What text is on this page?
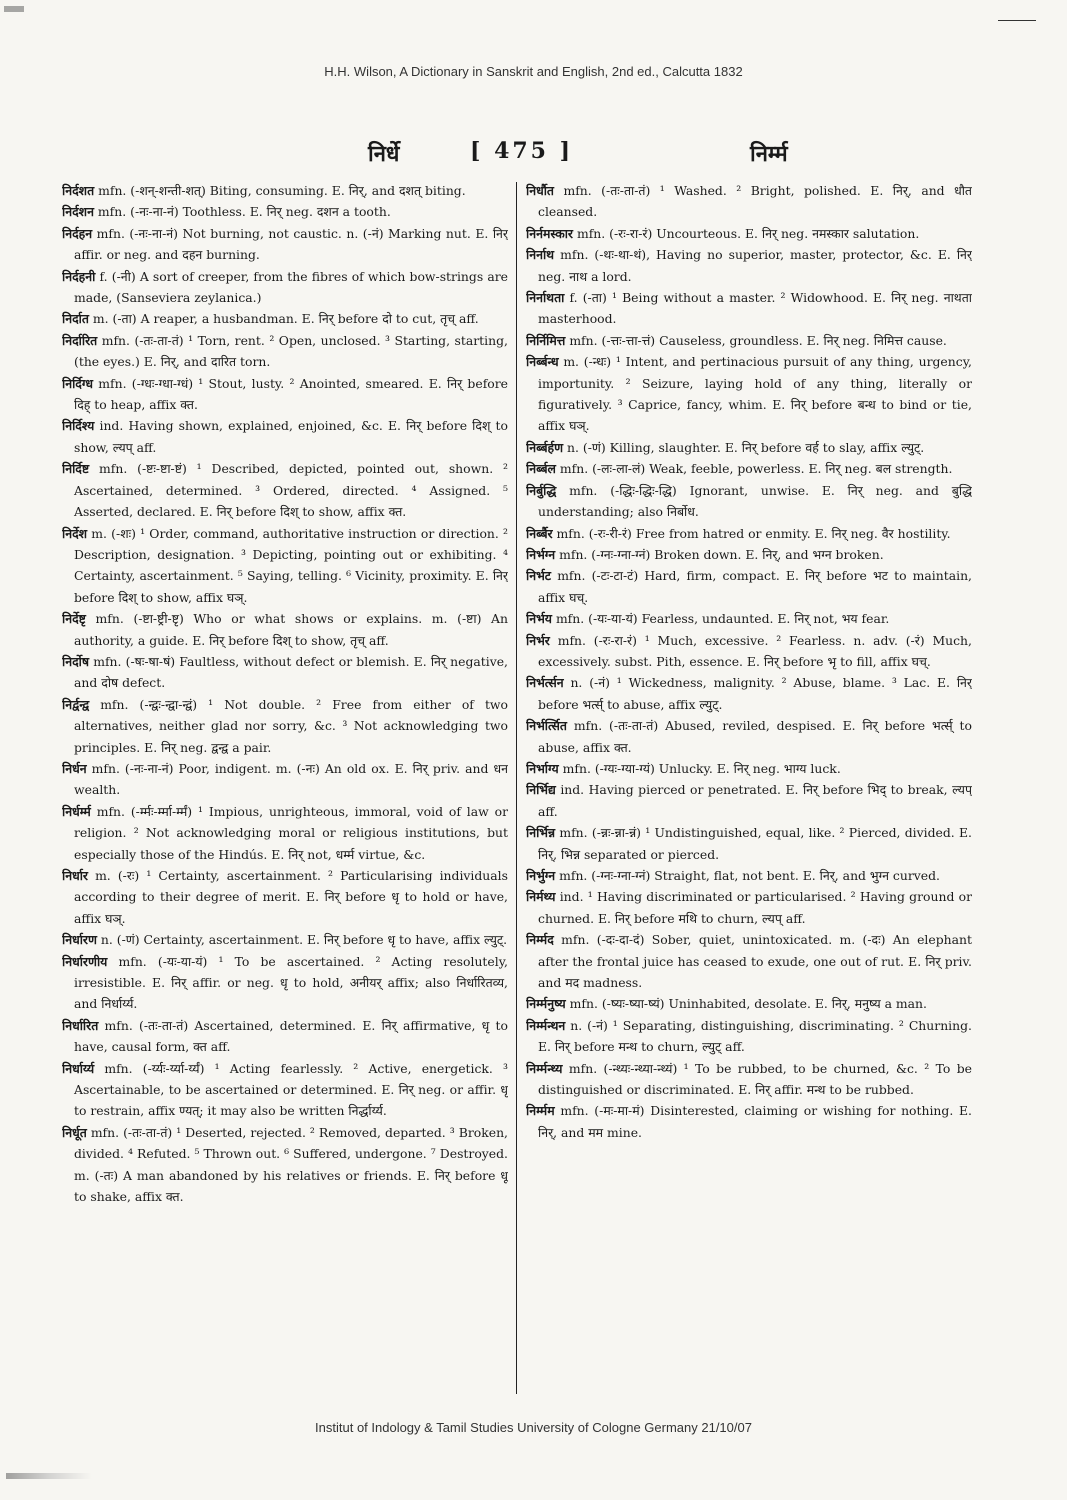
H.H. Wilson, A Dictionary in Sanskrit and English, 2nd ed., Calcutta 1832
निर्धे	[ 475 ]	निर्म्म
निर्दशत mfn. (-शन्-शन्ती-शत्) Biting, consuming. E. निर्, and दशत् biting.
निर्दशन mfn. (-नः-ना-नं) Toothless. E. निर् neg. दशन a tooth.
निर्दहन mfn. (-नः-ना-नं) Not burning, not caustic. n. (-नं) Marking nut. E. निर् affir. or neg. and दहन burning.
निर्दहनी f. (-नी) A sort of creeper, from the fibres of which bow-strings are made, (Sanseviera zeylanica.)
निर्दात m. (-ता) A reaper, a husbandman. E. निर् before दो to cut, तृच् aff.
निर्दारित mfn. (-तः-ता-तं) ¹ Torn, rent. ² Open, unclosed. ³ Starting, starting, (the eyes.) E. निर्, and दारित torn.
निर्दिग्ध mfn. (-ग्धः-ग्धा-ग्धं) ¹ Stout, lusty. ² Anointed, smeared. E. निर् before दिह् to heap, affix क्त.
निर्दिश्य ind. Having shown, explained, enjoined, &c. E. निर् before दिश् to show, ल्यप् aff.
निर्दिष्ट mfn. (-ष्टः-ष्टा-ष्टं) ¹ Described, depicted, pointed out, shown. ² Ascertained, determined. ³ Ordered, directed. ⁴ Assigned. ⁵ Asserted, declared. E. निर् before दिश् to show, affix क्त.
निर्देश m. (-शः) ¹ Order, command, authoritative instruction or direction. ² Description, designation. ³ Depicting, pointing out or exhibiting. ⁴ Certainty, ascertainment. ⁵ Saying, telling. ⁶ Vicinity, proximity. E. निर् before दिश् to show, affix घञ्.
निर्देष्टृ mfn. (-ष्टा-ष्ट्री-ष्टृ) Who or what shows or explains. m. (-ष्टा) An authority, a guide. E. निर् before दिश् to show, तृच् aff.
निर्दोष mfn. (-षः-षा-षं) Faultless, without defect or blemish. E. निर् negative, and दोष defect.
निर्द्वन्द्व mfn. (-न्द्वः-न्द्वा-न्द्वं) ¹ Not double. ² Free from either of two alternatives, neither glad nor sorry, &c. ³ Not acknowledging two principles. E. निर् neg. द्वन्द्व a pair.
निर्धन mfn. (-नः-ना-नं) Poor, indigent. m. (-नः) An old ox. E. निर् priv. and धन wealth.
निर्धर्म्म mfn. (-र्म्मः-र्म्मा-र्म्मं) ¹ Impious, unrighteous, immoral, void of law or religion. ² Not acknowledging moral or religious institutions, but especially those of the Hindús. E. निर् not, धर्म्म virtue, &c.
निर्धार m. (-रः) ¹ Certainty, ascertainment. ² Particularising individuals according to their degree of merit. E. निर् before धृ to hold or have, affix घञ्.
निर्धारण n. (-णं) Certainty, ascertainment. E. निर् before धृ to have, affix ल्युट्.
निर्धारणीय mfn. (-यः-या-यं) ¹ To be ascertained. ² Acting resolutely, irresistible. E. निर् affir. or neg. धृ to hold, अनीयर् affix; also निर्धारितव्य, and निर्धार्य्य.
निर्धारित mfn. (-तः-ता-तं) Ascertained, determined. E. निर् affirmative, धृ to have, causal form, क्त aff.
निर्धार्य्य mfn. (-र्य्यः-र्य्या-र्य्यं) ¹ Acting fearlessly. ² Active, energetick. ³ Ascertainable, to be ascertained or determined. E. निर् neg. or affir. धृ to restrain, affix ण्यत्; it may also be written निर्द्धार्य्य.
निर्धूत mfn. (-तः-ता-तं) ¹ Deserted, rejected. ² Removed, departed. ³ Broken, divided. ⁴ Refuted. ⁵ Thrown out. ⁶ Suffered, undergone. ⁷ Destroyed. m. (-तः) A man abandoned by his relatives or friends. E. निर् before धू to shake, affix क्त.
निर्धौत mfn. (-तः-ता-तं) ¹ Washed. ² Bright, polished. E. निर्, and धौत cleansed.
निर्नमस्कार mfn. (-रः-रा-रं) Uncourteous. E. निर् neg. नमस्कार salutation.
निर्नाथ mfn. (-थः-था-थं), Having no superior, master, protector, &c. E. निर् neg. नाथ a lord.
निर्नाथता f. (-ता) ¹ Being without a master. ² Widowhood. E. निर् neg. नाथता masterhood.
निर्निमित्त mfn. (-त्तः-त्ता-त्तं) Causeless, groundless. E. निर् neg. निमित्त cause.
निर्ब्बन्ध m. (-न्धः) ¹ Intent, and pertinacious pursuit of any thing, urgency, importunity. ² Seizure, laying hold of any thing, literally or figuratively. ³ Caprice, fancy, whim. E. निर् before बन्ध to bind or tie, affix घञ्.
निर्ब्बर्हण n. (-णं) Killing, slaughter. E. निर् before वर्ह to slay, affix ल्युट्.
निर्ब्बल mfn. (-लः-ला-लं) Weak, feeble, powerless. E. निर् neg. बल strength.
निर्बुद्धि mfn. (-द्धिः-द्धिः-द्धि) Ignorant, unwise. E. निर् neg. and बुद्धि understanding; also निर्बोध.
निर्ब्बैर mfn. (-रः-री-रं) Free from hatred or enmity. E. निर् neg. वैर hostility.
निर्भग्न mfn. (-ग्नः-ग्ना-ग्नं) Broken down. E. निर्, and भग्न broken.
निर्भट mfn. (-टः-टा-टं) Hard, firm, compact. E. निर् before भट to maintain, affix घच्.
निर्भय mfn. (-यः-या-यं) Fearless, undaunted. E. निर् not, भय fear.
निर्भर mfn. (-रः-रा-रं) ¹ Much, excessive. ² Fearless. n. adv. (-रं) Much, excessively. subst. Pith, essence. E. निर् before भृ to fill, affix घच्.
निर्भर्त्सन n. (-नं) ¹ Wickedness, malignity. ² Abuse, blame. ³ Lac. E. निर् before भर्त्स् to abuse, affix ल्युट्.
निर्भर्त्सित mfn. (-तः-ता-तं) Abused, reviled, despised. E. निर् before भर्त्स् to abuse, affix क्त.
निर्भाग्य mfn. (-ग्यः-ग्या-ग्यं) Unlucky. E. निर् neg. भाग्य luck.
निर्भिद्य ind. Having pierced or penetrated. E. निर् before भिद् to break, ल्यप् aff.
निर्भिन्न mfn. (-न्नः-न्ना-न्नं) ¹ Undistinguished, equal, like. ² Pierced, divided. E. निर्, भिन्न separated or pierced.
निर्भुग्न mfn. (-ग्नः-ग्ना-ग्नं) Straight, flat, not bent. E. निर्, and भुग्न curved.
निर्मथ्य ind. ¹ Having discriminated or particularised. ² Having ground or churned. E. निर् before मथि to churn, ल्यप् aff.
निर्म्मद mfn. (-दः-दा-दं) Sober, quiet, unintoxicated. m. (-दः) An elephant after the frontal juice has ceased to exude, one out of rut. E. निर् priv. and मद madness.
निर्म्मनुष्य mfn. (-ष्यः-ष्या-ष्यं) Uninhabited, desolate. E. निर्, मनुष्य a man.
निर्म्मन्थन n. (-नं) ¹ Separating, distinguishing, discriminating. ² Churning. E. निर् before मन्थ to churn, ल्युट् aff.
निर्म्मन्थ्य mfn. (-न्थ्यः-न्थ्या-न्थ्यं) ¹ To be rubbed, to be churned, &c. ² To be distinguished or discriminated. E. निर् affir. मन्थ to be rubbed.
निर्म्मम mfn. (-मः-मा-मं) Disinterested, claiming or wishing for nothing. E. निर्, and मम mine.
Institut of Indology & Tamil Studies University of Cologne Germany 21/10/07
